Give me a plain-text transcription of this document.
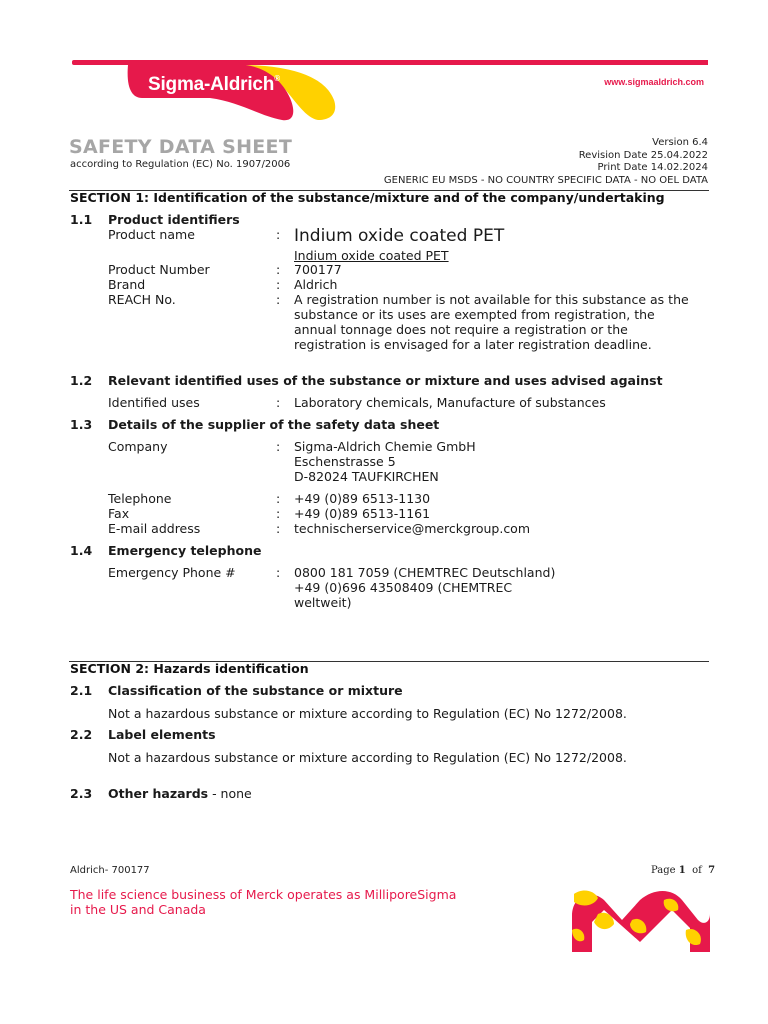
Sigma-Aldrich®	www.sigmaaldrich.com
SAFETY DATA SHEET
according to Regulation (EC) No. 1907/2006
Version 6.4
Revision Date 25.04.2022
Print Date 14.02.2024
GENERIC EU MSDS - NO COUNTRY SPECIFIC DATA - NO OEL DATA
SECTION 1: Identification of the substance/mixture and of the company/undertaking
1.1 Product identifiers
Product name	: Indium oxide coated PET
Indium oxide coated PET
Product Number	: 700177
Brand	: Aldrich
REACH No.	: A registration number is not available for this substance as the
substance or its uses are exempted from registration, the
annual tonnage does not require a registration or the
registration is envisaged for a later registration deadline.
1.2 Relevant identified uses of the substance or mixture and uses advised against
Identified uses	: Laboratory chemicals, Manufacture of substances
1.3 Details of the supplier of the safety data sheet
Company	: Sigma-Aldrich Chemie GmbH
Eschenstrasse 5
D-82024 TAUFKIRCHEN
Telephone	: +49 (0)89 6513-1130
Fax	: +49 (0)89 6513-1161
E-mail address	: technischerservice@merckgroup.com
1.4 Emergency telephone
Emergency Phone #	: 0800 181 7059 (CHEMTREC Deutschland)
+49 (0)696 43508409 (CHEMTREC
weltweit)
SECTION 2: Hazards identification
2.1 Classification of the substance or mixture
Not a hazardous substance or mixture according to Regulation (EC) No 1272/2008.
2.2 Label elements
Not a hazardous substance or mixture according to Regulation (EC) No 1272/2008.
2.3 Other hazards - none
Aldrich- 700177	Page 1 of 7
The life science business of Merck operates as MilliporeSigma in the US and Canada
